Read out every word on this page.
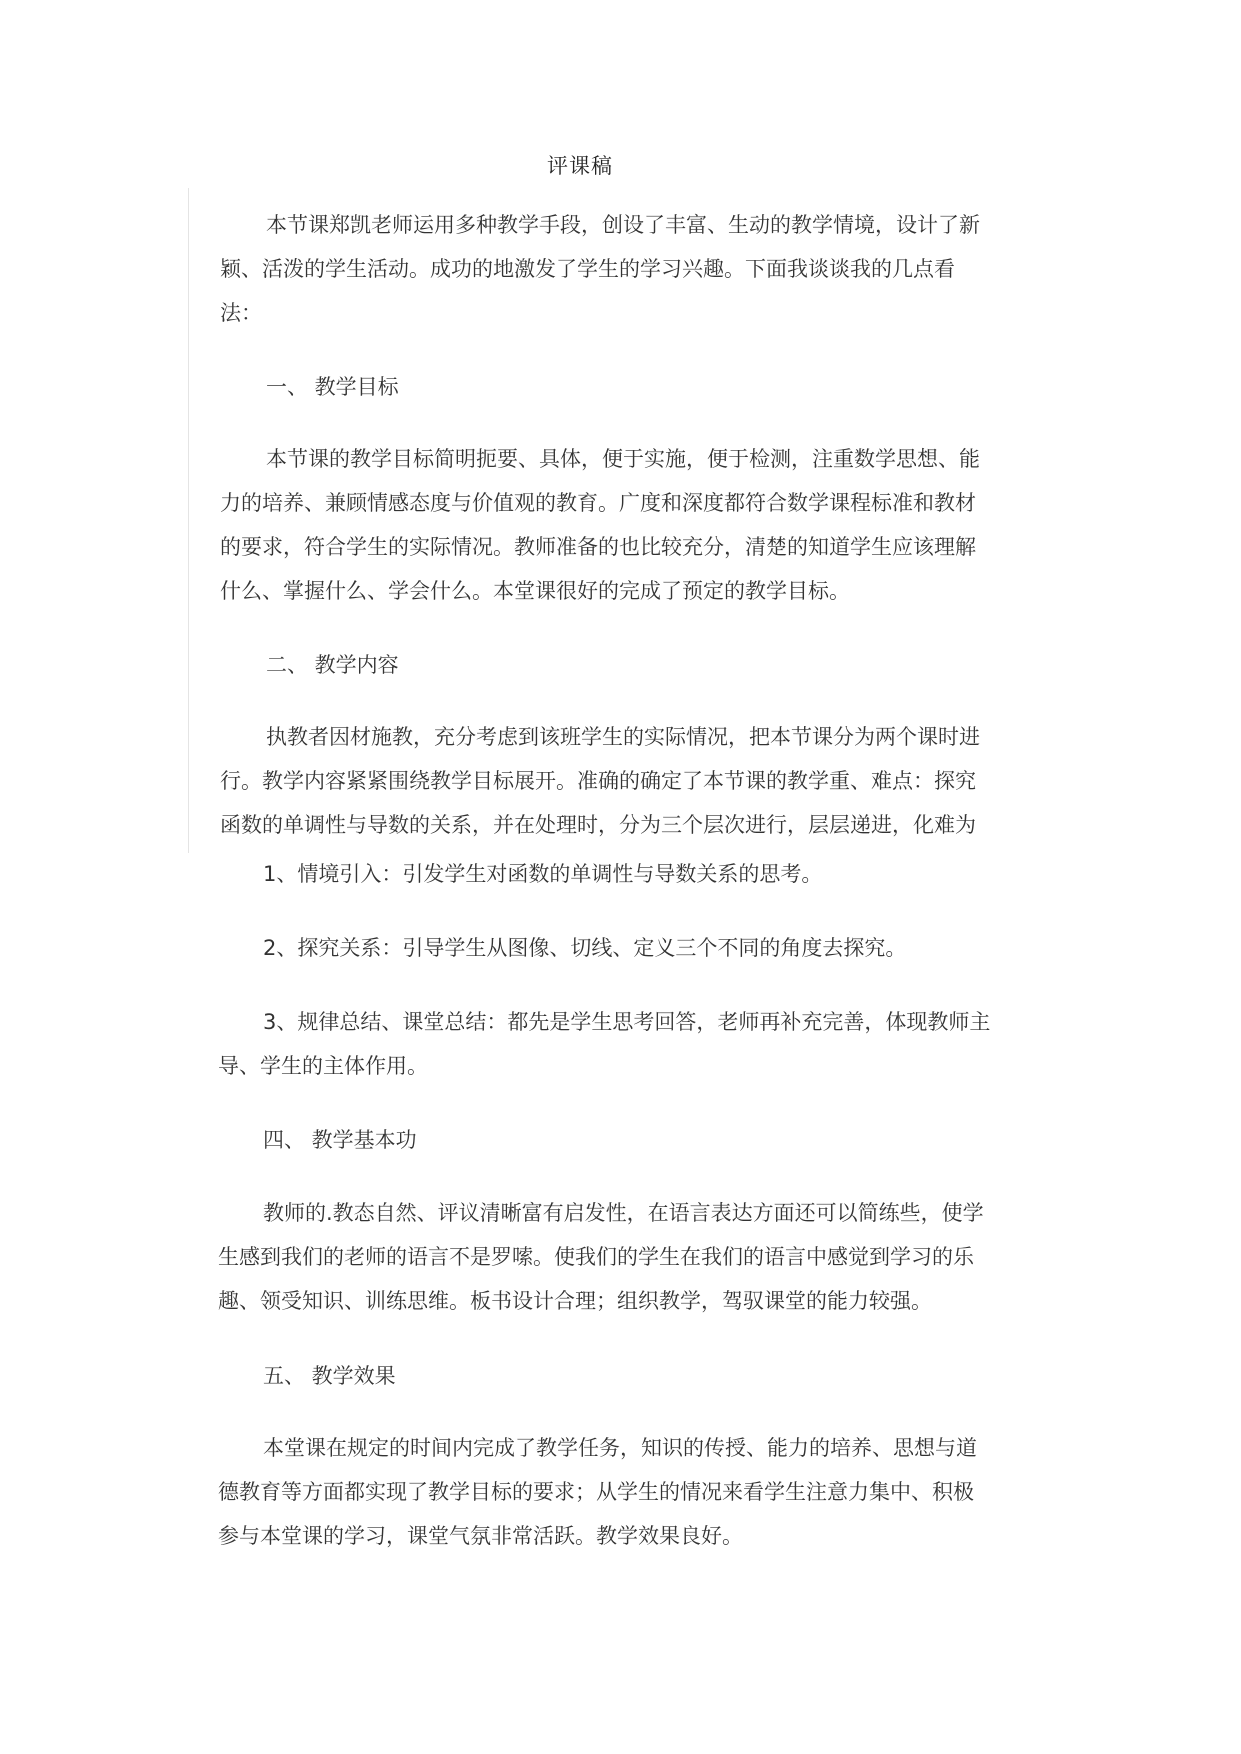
评课稿
本节课郑凯老师运用多种教学手段，创设了丰富、生动的教学情境，设计了新
颖、活泼的学生活动。成功的地激发了学生的学习兴趣。下面我谈谈我的几点看
法：
一、 教学目标
本节课的教学目标简明扼要、具体，便于实施，便于检测，注重数学思想、能
力的培养、兼顾情感态度与价值观的教育。广度和深度都符合数学课程标准和教材
的要求，符合学生的实际情况。教师准备的也比较充分，清楚的知道学生应该理解
什么、掌握什么、学会什么。本堂课很好的完成了预定的教学目标。
二、 教学内容
执教者因材施教，充分考虑到该班学生的实际情况，把本节课分为两个课时进
行。教学内容紧紧围绕教学目标展开。准确的确定了本节课的教学重、难点：探究
函数的单调性与导数的关系，并在处理时，分为三个层次进行，层层递进，化难为
1、情境引入：引发学生对函数的单调性与导数关系的思考。
2、探究关系：引导学生从图像、切线、定义三个不同的角度去探究。
3、规律总结、课堂总结：都先是学生思考回答，老师再补充完善，体现教师主
导、学生的主体作用。
四、 教学基本功
教师的.教态自然、评议清晰富有启发性，在语言表达方面还可以简练些，使学
生感到我们的老师的语言不是罗嗦。使我们的学生在我们的语言中感觉到学习的乐
趣、领受知识、训练思维。板书设计合理；组织教学，驾驭课堂的能力较强。
五、 教学效果
本堂课在规定的时间内完成了教学任务，知识的传授、能力的培养、思想与道
德教育等方面都实现了教学目标的要求；从学生的情况来看学生注意力集中、积极
参与本堂课的学习，课堂气氛非常活跃。教学效果良好。
